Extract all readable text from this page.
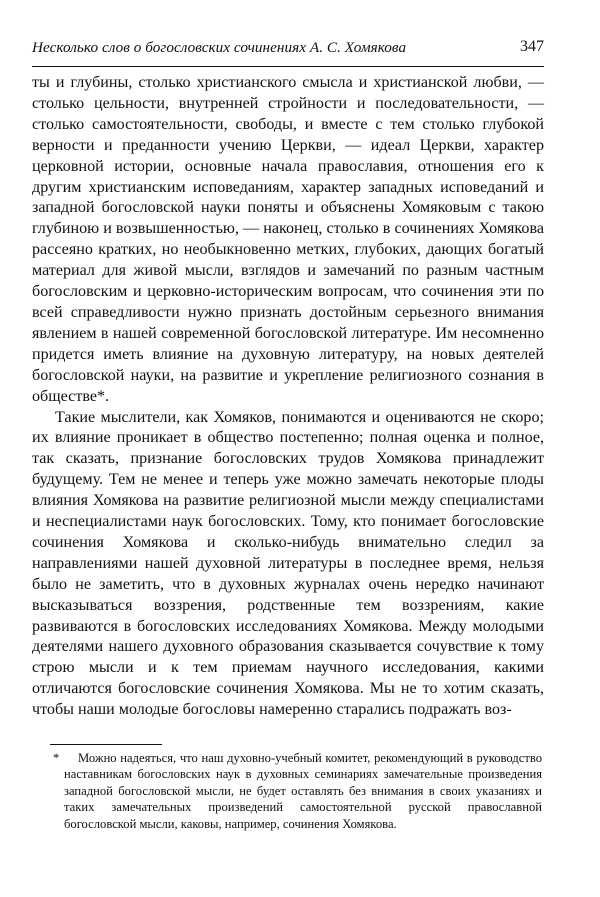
Несколько слов о богословских сочинениях А. С. Хомякова	347

ты и глубины, столько христианского смысла и христианской любви, — столько цельности, внутренней стройности и последовательности, — столько самостоятельности, свободы, и вместе с тем столько глубокой верности и преданности учению Церкви, — идеал Церкви, характер церковной истории, основные начала православия, отношения его к другим христианским исповеданиям, характер западных исповеданий и западной богословской науки поняты и объяснены Хомяковым с такою глубиною и возвышенностью, — наконец, столько в сочинениях Хомякова рассеяно кратких, но необыкновенно метких, глубоких, дающих богатый материал для живой мысли, взглядов и замечаний по разным частным богословским и церковно-историческим вопросам, что сочинения эти по всей справедливости нужно признать достойным серьезного внимания явлением в нашей современной богословской литературе. Им несомненно придется иметь влияние на духовную литературу, на новых деятелей богословской науки, на развитие и укрепление религиозного сознания в обществе*.

Такие мыслители, как Хомяков, понимаются и оцениваются не скоро; их влияние проникает в общество постепенно; полная оценка и полное, так сказать, признание богословских трудов Хомякова принадлежит будущему. Тем не менее и теперь уже можно замечать некоторые плоды влияния Хомякова на развитие религиозной мысли между специалистами и неспециалистами наук богословских. Тому, кто понимает богословские сочинения Хомякова и сколько-нибудь внимательно следил за направлениями нашей духовной литературы в последнее время, нельзя было не заметить, что в духовных журналах очень нередко начинают высказываться воззрения, родственные тем воззрениям, какие развиваются в богословских исследованиях Хомякова. Между молодыми деятелями нашего духовного образования сказывается сочувствие к тому строю мысли и к тем приемам научного исследования, какими отличаются богословские сочинения Хомякова. Мы не то хотим сказать, чтобы наши молодые богословы намеренно старались подражать воз-

*	Можно надеяться, что наш духовно-учебный комитет, рекомендующий в руководство наставникам богословских наук в духовных семинариях замечательные произведения западной богословской мысли, не будет оставлять без внимания в своих указаниях и таких замечательных произведений самостоятельной русской православной богословской мысли, каковы, например, сочинения Хомякова.
